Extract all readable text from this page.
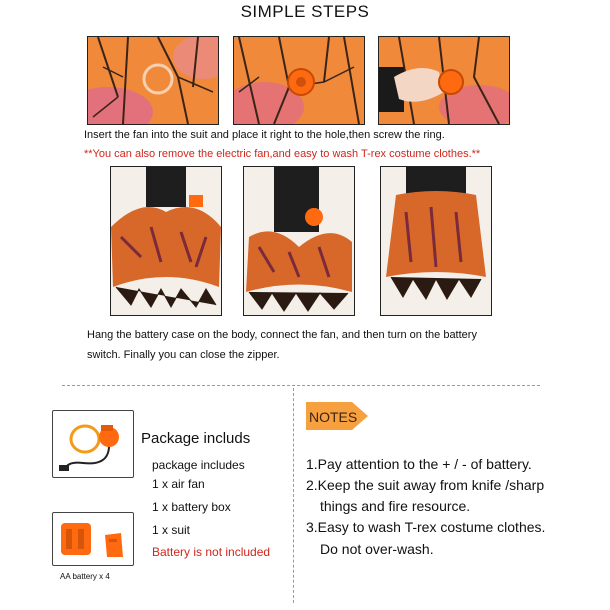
SIMPLE STEPS
Insert the fan into the suit and place it right to the hole,then screw the ring.
**You can also remove the electric fan,and easy to wash T-rex costume clothes.**
Hang the battery case on the body, connect the fan, and then turn on the battery
switch. Finally you can close the zipper.
Package includs
package includes
1 x air fan
1 x battery box
1 x suit
Battery is not included
AA battery x 4
NOTES
1.Pay attention to the + / - of battery.
2.Keep the suit away from knife /sharp
things and fire resource.
3.Easy to wash T-rex costume clothes.
Do not over-wash.
